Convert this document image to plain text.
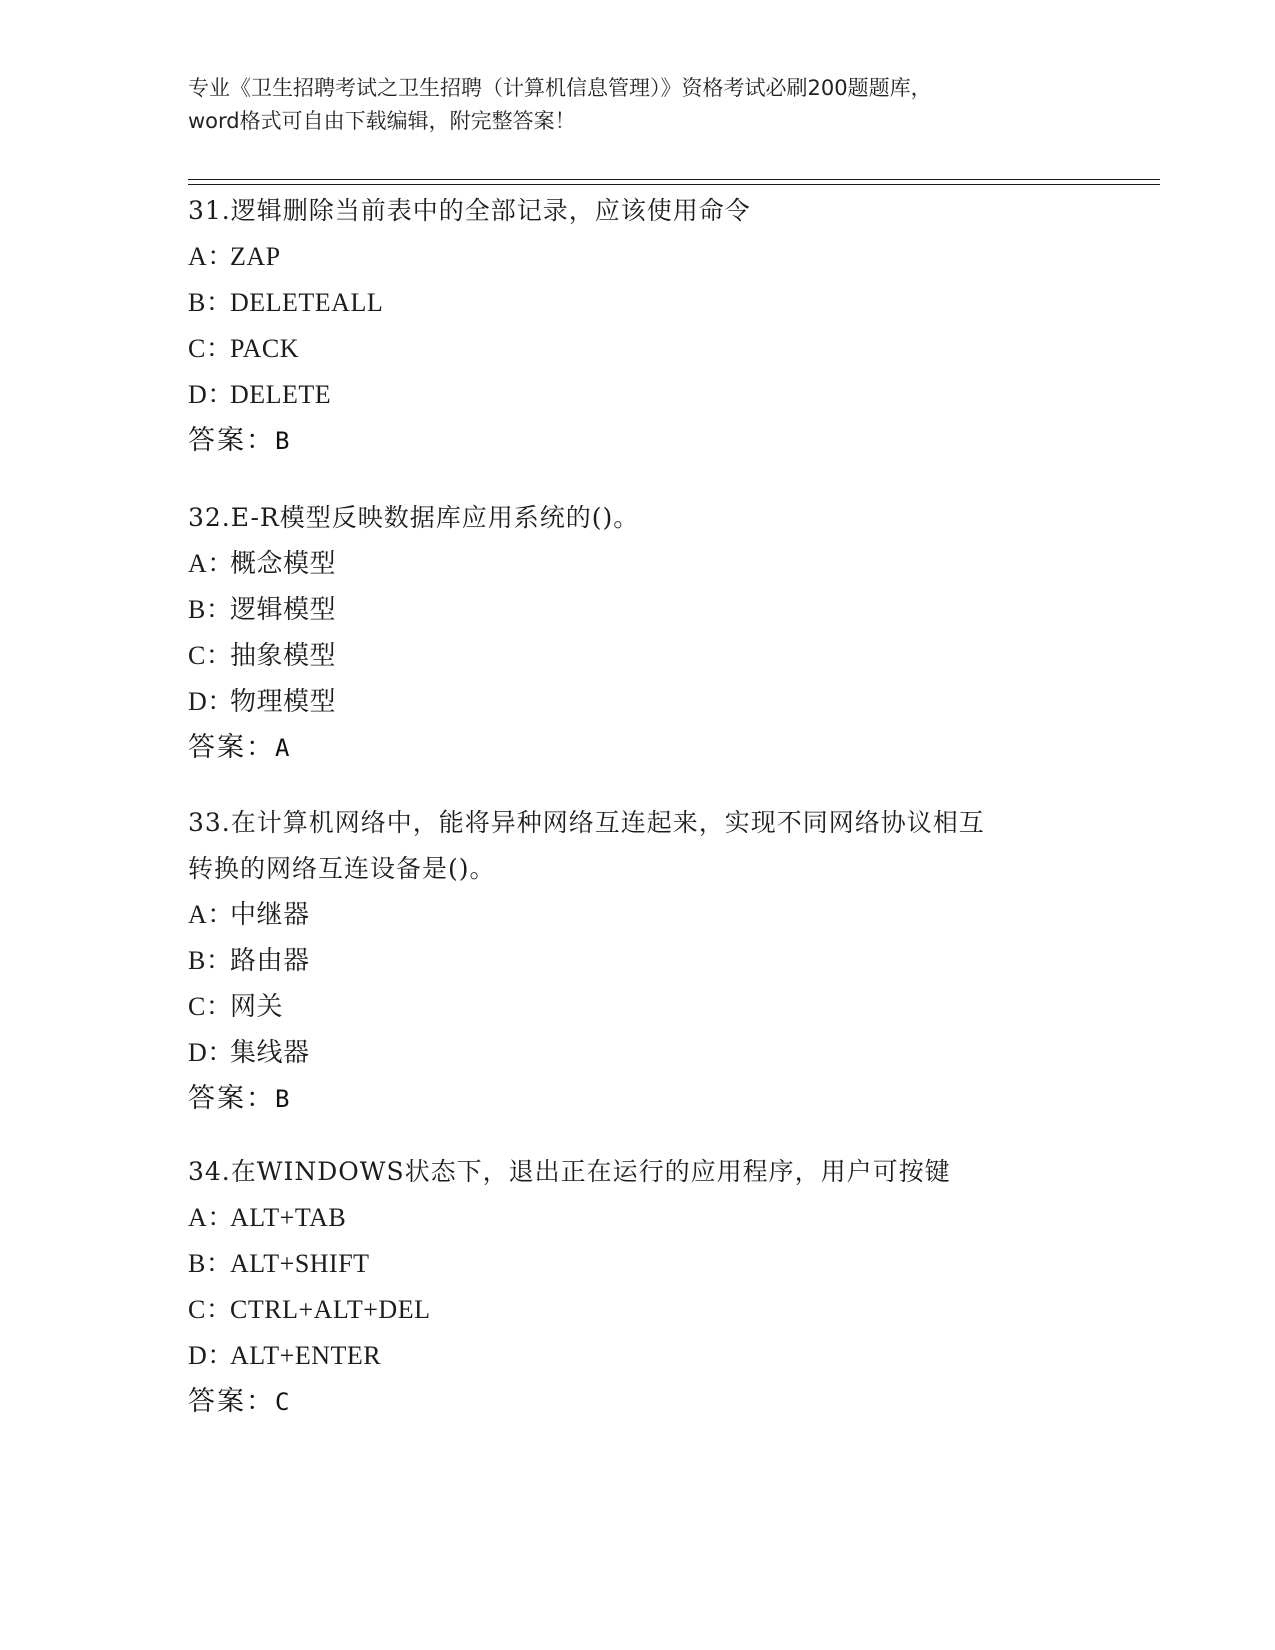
专业《卫生招聘考试之卫生招聘（计算机信息管理）》资格考试必刷200题题库，
word格式可自由下载编辑，附完整答案！
31.逻辑删除当前表中的全部记录，应该使用命令
A：ZAP
B：DELETEALL
C：PACK
D：DELETE
答案：B
32.E-R模型反映数据库应用系统的()。
A：概念模型
B：逻辑模型
C：抽象模型
D：物理模型
答案：A
33.在计算机网络中，能将异种网络互连起来，实现不同网络协议相互
转换的网络互连设备是()。
A：中继器
B：路由器
C：网关
D：集线器
答案：B
34.在WINDOWS状态下，退出正在运行的应用程序，用户可按键
A：ALT+TAB
B：ALT+SHIFT
C：CTRL+ALT+DEL
D：ALT+ENTER
答案：C
